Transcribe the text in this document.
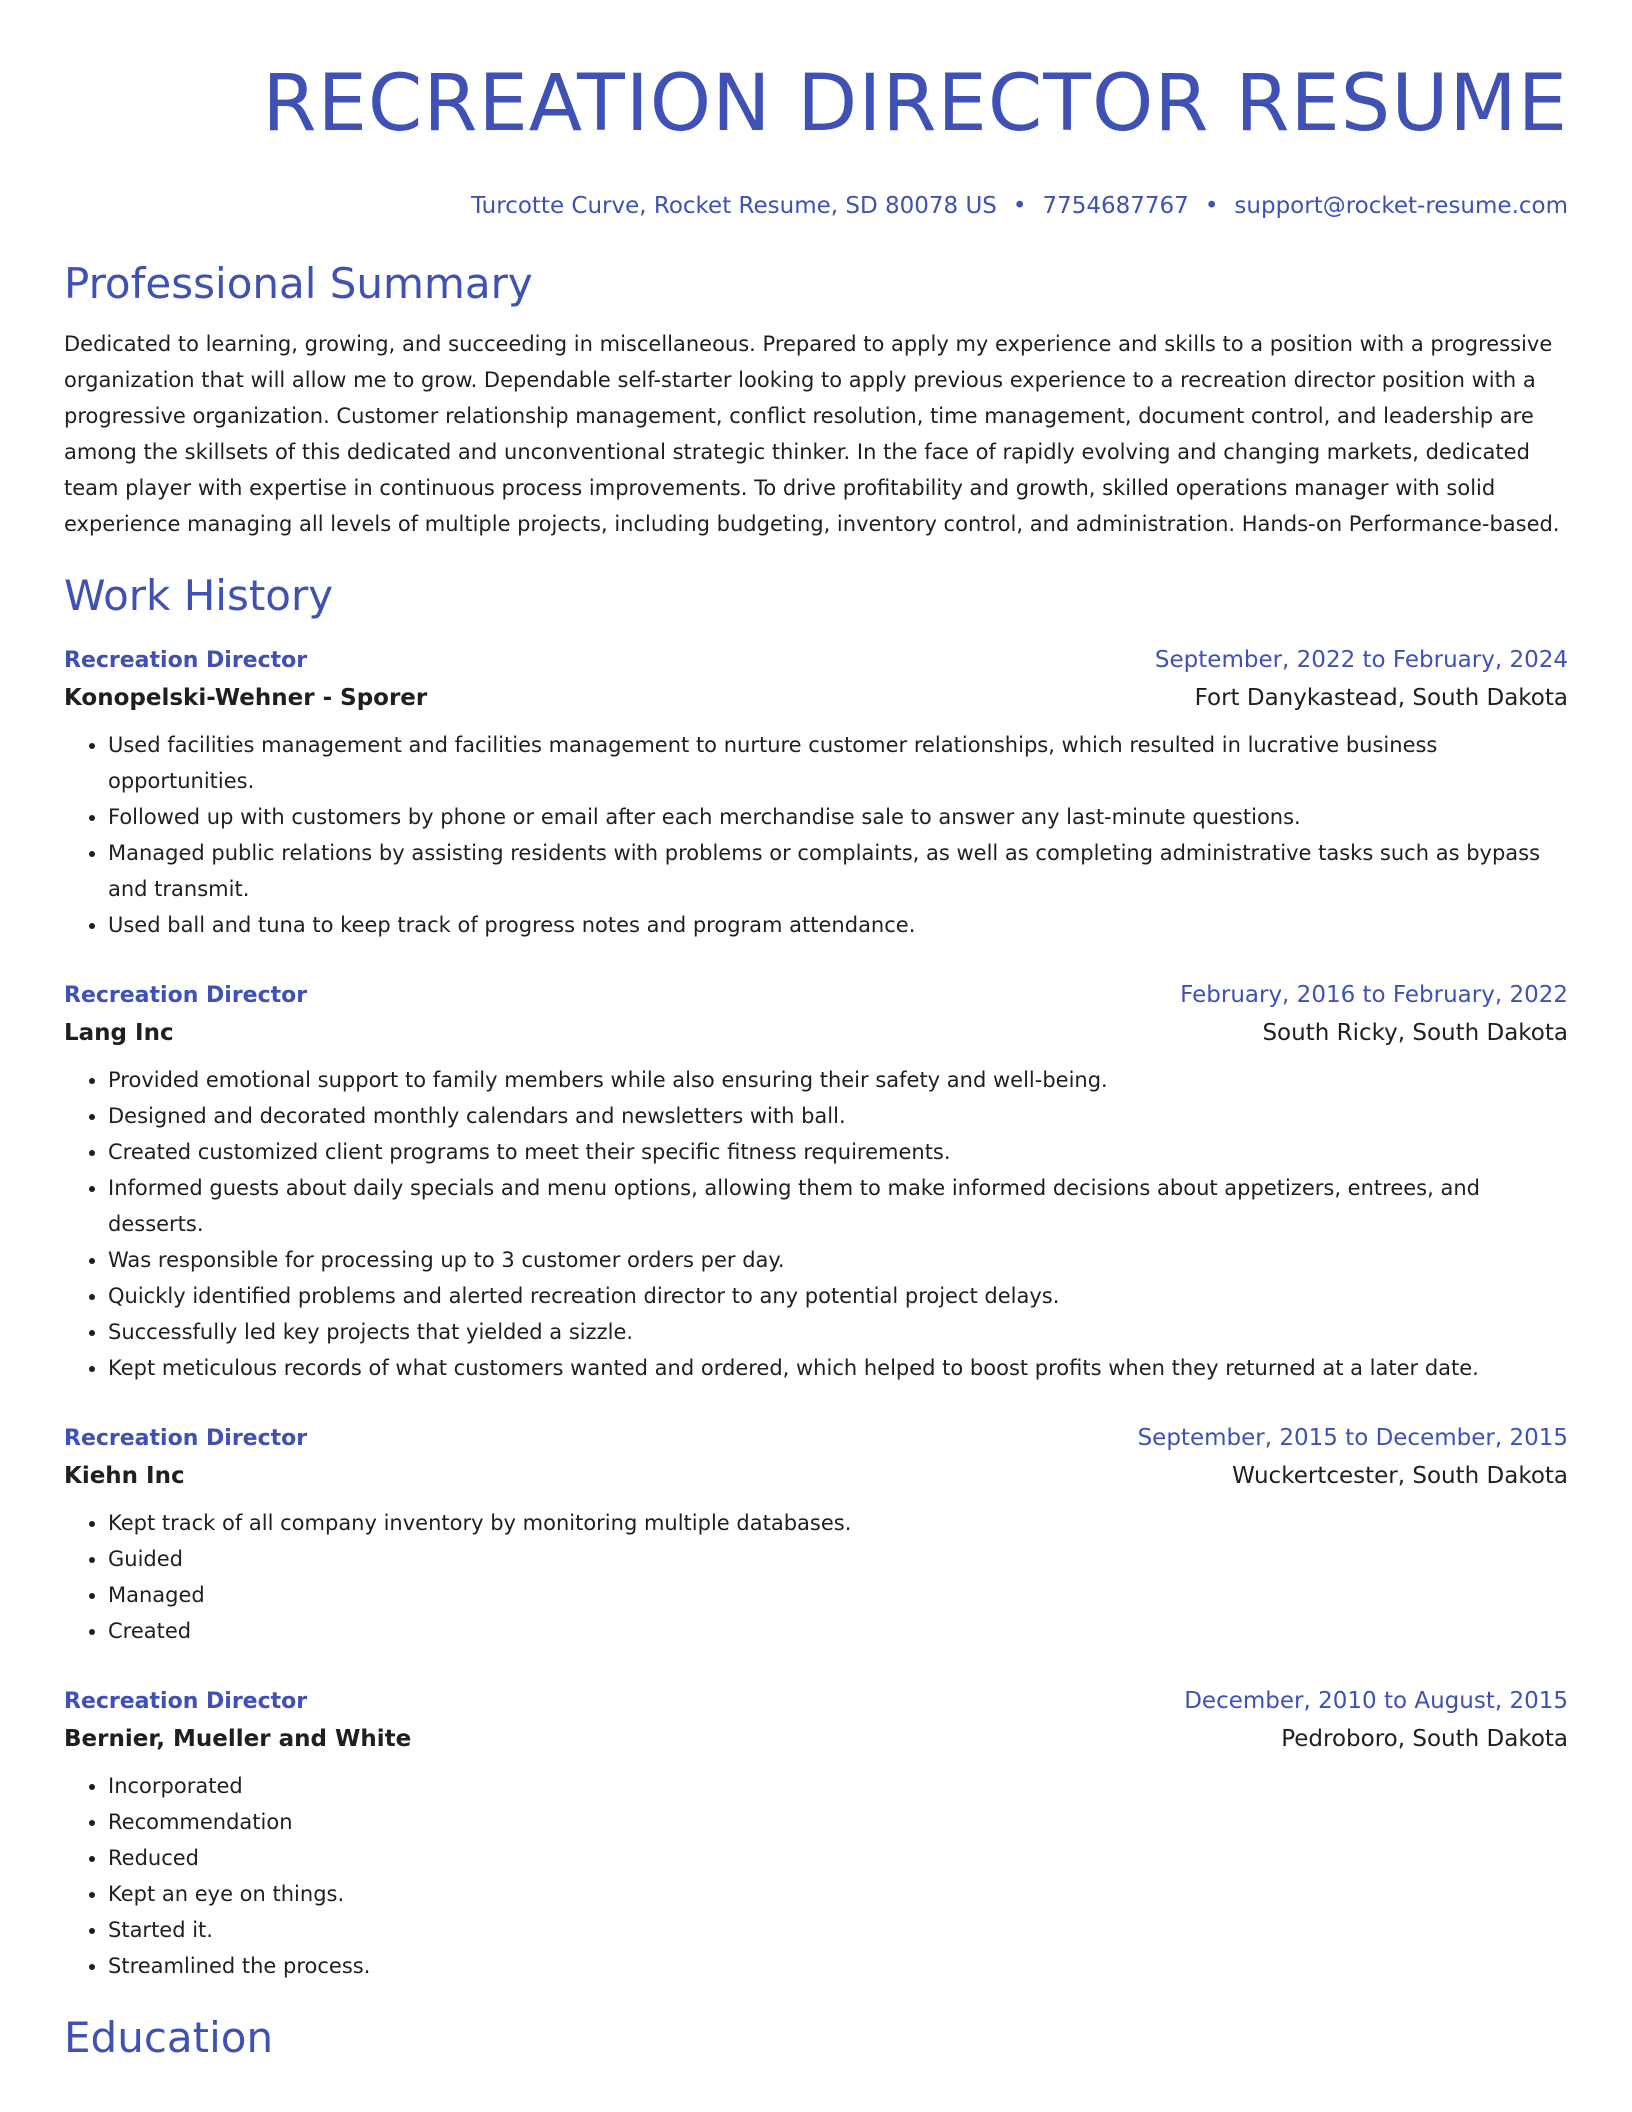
RECREATION DIRECTOR RESUME
Turcotte Curve, Rocket Resume, SD 80078 US • 7754687767 • support@rocket-resume.com
Professional Summary
Dedicated to learning, growing, and succeeding in miscellaneous. Prepared to apply my experience and skills to a position with a progressive organization that will allow me to grow. Dependable self-starter looking to apply previous experience to a recreation director position with a progressive organization. Customer relationship management, conflict resolution, time management, document control, and leadership are among the skillsets of this dedicated and unconventional strategic thinker. In the face of rapidly evolving and changing markets, dedicated team player with expertise in continuous process improvements. To drive profitability and growth, skilled operations manager with solid experience managing all levels of multiple projects, including budgeting, inventory control, and administration. Hands-on Performance-based.
Work History
Recreation Director	September, 2022 to February, 2024
Konopelski-Wehner - Sporer	Fort Danykastead, South Dakota
• Used facilities management and facilities management to nurture customer relationships, which resulted in lucrative business opportunities.
• Followed up with customers by phone or email after each merchandise sale to answer any last-minute questions.
• Managed public relations by assisting residents with problems or complaints, as well as completing administrative tasks such as bypass and transmit.
• Used ball and tuna to keep track of progress notes and program attendance.
Recreation Director	February, 2016 to February, 2022
Lang Inc	South Ricky, South Dakota
• Provided emotional support to family members while also ensuring their safety and well-being.
• Designed and decorated monthly calendars and newsletters with ball.
• Created customized client programs to meet their specific fitness requirements.
• Informed guests about daily specials and menu options, allowing them to make informed decisions about appetizers, entrees, and desserts.
• Was responsible for processing up to 3 customer orders per day.
• Quickly identified problems and alerted recreation director to any potential project delays.
• Successfully led key projects that yielded a sizzle.
• Kept meticulous records of what customers wanted and ordered, which helped to boost profits when they returned at a later date.
Recreation Director	September, 2015 to December, 2015
Kiehn Inc	Wuckertcester, South Dakota
• Kept track of all company inventory by monitoring multiple databases.
• Guided
• Managed
• Created
Recreation Director	December, 2010 to August, 2015
Bernier, Mueller and White	Pedroboro, South Dakota
• Incorporated
• Recommendation
• Reduced
• Kept an eye on things.
• Started it.
• Streamlined the process.
Education
